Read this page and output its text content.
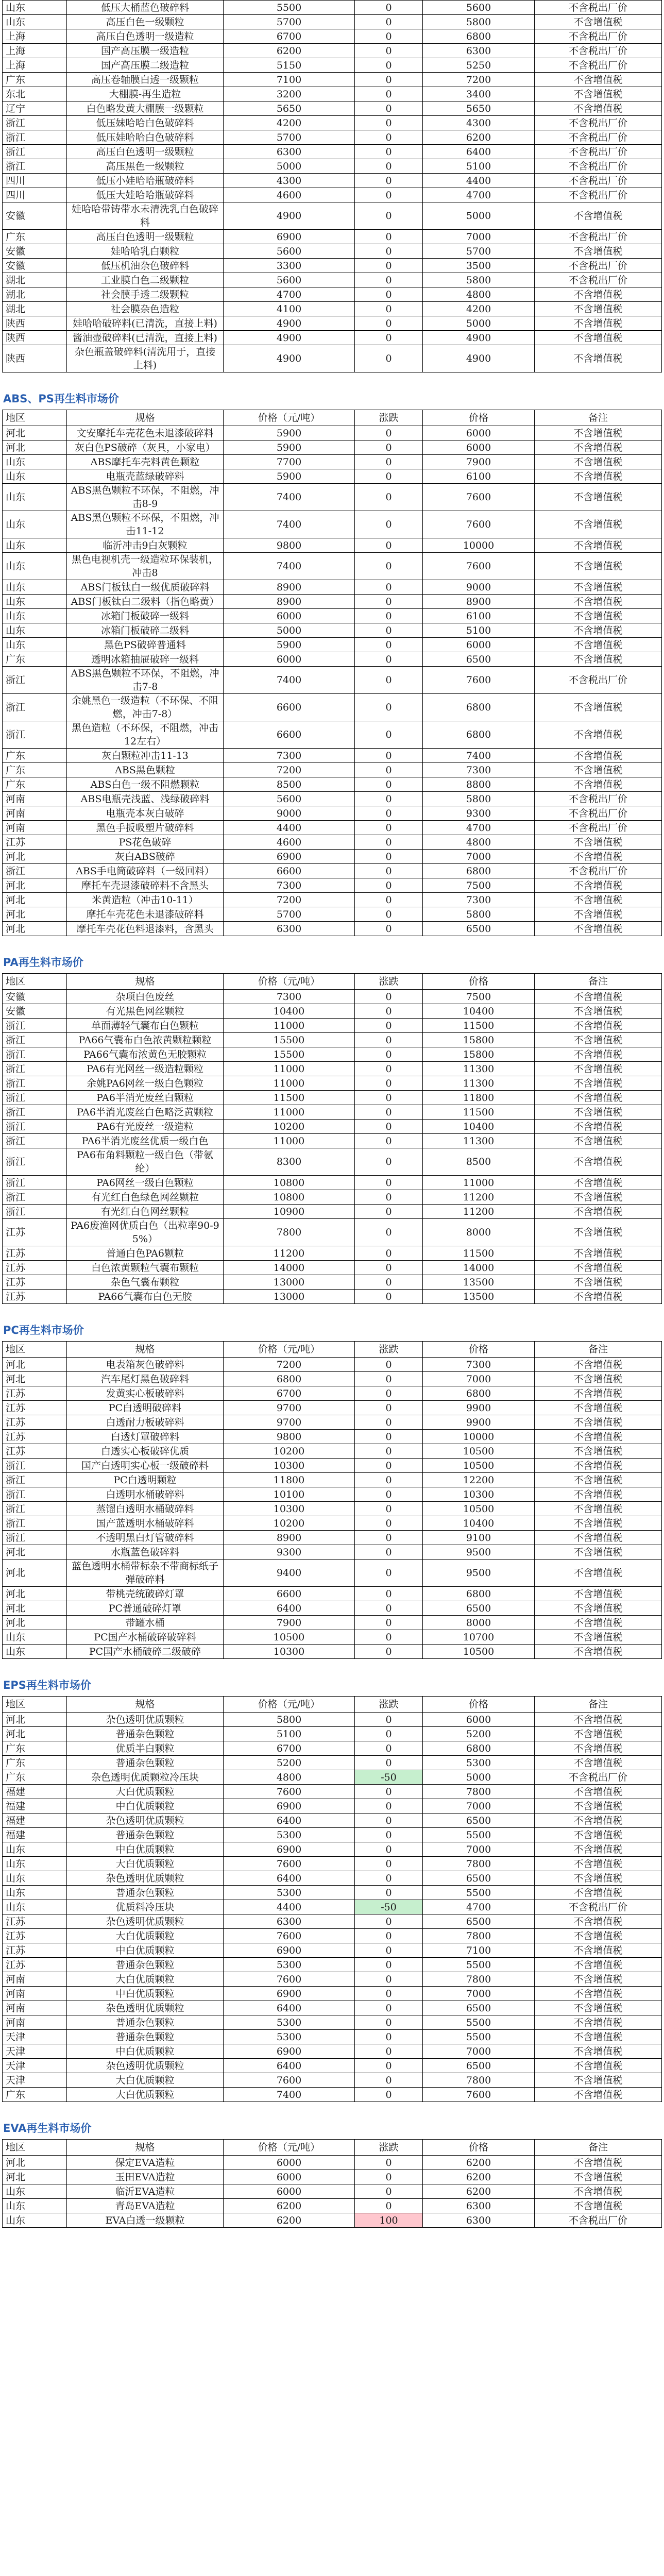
山东	低压大桶蓝色破碎料	5500	0	5600	不含税出厂价
山东	高压白色一级颗粒	5700	0	5800	不含增值税
上海	高压白色透明一级造粒	6700	0	6800	不含税出厂价
上海	国产高压膜一级造粒	6200	0	6300	不含税出厂价
上海	国产高压膜二级造粒	5150	0	5250	不含税出厂价
广东	高压卷轴膜白透一级颗粒	7100	0	7200	不含增值税
东北	大棚膜-再生造粒	3200	0	3400	不含增值税
辽宁	白色略发黄大棚膜一级颗粒	5650	0	5650	不含增值税
浙江	低压妹哈哈白色破碎料	4200	0	4300	不含税出厂价
浙江	低压娃哈哈白色破碎料	5700	0	6200	不含税出厂价
浙江	高压白色透明一级颗粒	6300	0	6400	不含税出厂价
浙江	高压黑色一级颗粒	5000	0	5100	不含税出厂价
四川	低压小娃哈哈瓶破碎料	4300	0	4400	不含税出厂价
四川	低压大娃哈哈瓶破碎料	4600	0	4700	不含税出厂价
安徽	娃哈哈带铸带水未清洗乳白色破碎料	4900	0	5000	不含增值税
广东	高压白色透明一级颗粒	6900	0	7000	不含税出厂价
安徽	娃哈哈乳白颗粒	5600	0	5700	不含增值税
安徽	低压机油杂色破碎料	3300	0	3500	不含税出厂价
湖北	工业膜白色二级颗粒	5600	0	5800	不含税出厂价
湖北	社会膜手透二级颗粒	4700	0	4800	不含增值税
湖北	社会膜杂色造粒	4100	0	4200	不含增值税
陕西	娃哈哈破碎料(已清洗，直接上料)	4900	0	5000	不含增值税
陕西	酱油壶破碎料(已清洗，直接上料)	4900	0	4900	不含增值税
陕西	杂色瓶盖破碎料(清洗用于，直接上料)	4900	0	4900	不含增值税
ABS、PS再生料市场价
地区	规格	价格（元/吨）	涨跌	价格	备注
河北	文安摩托车壳花色未退漆破碎料	5900	0	6000	不含增值税
河北	灰白色PS破碎（灰具，小家电）	5900	0	6000	不含增值税
山东	ABS摩托车壳料黄色颗粒	7700	0	7900	不含增值税
山东	电瓶壳蓝绿破碎料	5900	0	6100	不含增值税
山东	ABS黑色颗粒不环保，不阻燃，冲击8-9	7400	0	7600	不含增值税
山东	ABS黑色颗粒不环保，不阻燃，冲击11-12	7400	0	7600	不含增值税
山东	临沂冲击9白灰颗粒	9800	0	10000	不含增值税
山东	黑色电视机壳一级造粒环保装机，冲击8	7400	0	7600	不含增值税
山东	ABS门板钛白一级优质破碎料	8900	0	9000	不含增值税
山东	ABS门板钛白二级料（指色略黄）	8900	0	8900	不含增值税
山东	冰箱门板破碎一级料	6000	0	6100	不含增值税
山东	冰箱门板破碎二级料	5000	0	5100	不含增值税
山东	黑色PS破碎普通料	5900	0	6000	不含增值税
广东	透明冰箱抽屉破碎一级料	6000	0	6500	不含增值税
浙江	ABS黑色颗粒不环保，不阻燃，冲击7-8	7400	0	7600	不含税出厂价
浙江	余姚黑色一级造粒（不环保、不阻燃，冲击7-8）	6600	0	6800	不含增值税
浙江	黑色造粒（不环保，不阻燃，冲击12左右）	6600	0	6800	不含增值税
广东	灰白颗粒冲击11-13	7300	0	7400	不含增值税
广东	ABS黑色颗粒	7200	0	7300	不含增值税
广东	ABS白色一级不阻燃颗粒	8500	0	8800	不含增值税
河南	ABS电瓶壳浅蓝、浅绿破碎料	5600	0	5800	不含税出厂价
河南	电瓶壳本灰白破碎	9000	0	9300	不含税出厂价
河南	黑色手扳吸塑片破碎料	4400	0	4700	不含税出厂价
江苏	PS花色破碎	4600	0	4800	不含增值税
河北	灰白ABS破碎	6900	0	7000	不含增值税
浙江	ABS手电筒破碎料（一级回料）	6600	0	6800	不含税出厂价
河北	摩托车壳退漆破碎料不含黑头	7300	0	7500	不含增值税
河北	米黄造粒（冲击10-11）	7200	0	7300	不含增值税
河北	摩托车壳花色未退漆破碎料	5700	0	5800	不含增值税
河北	摩托车壳花色料退漆料，含黑头	6300	0	6500	不含增值税
PA再生料市场价
地区	规格	价格（元/吨）	涨跌	价格	备注
安徽	杂项白色废丝	7300	0	7500	不含增值税
安徽	有光黑色网丝颗粒	10400	0	10400	不含增值税
浙江	单面薄轻气囊布白色颗粒	11000	0	11500	不含增值税
浙江	PA66气囊布白色浓黄颗粒颗粒	15500	0	15800	不含增值税
浙江	PA66气囊布浓黄色无胶颗粒	15500	0	15800	不含增值税
浙江	PA6有光网丝一级造粒颗粒	11000	0	11300	不含增值税
浙江	余姚PA6网丝一级白色颗粒	11000	0	11300	不含增值税
浙江	PA6半消光废丝白颗粒	11500	0	11800	不含增值税
浙江	PA6半消光废丝白色略泛黄颗粒	11000	0	11500	不含增值税
浙江	PA6有光废丝一级造粒	10200	0	10400	不含增值税
浙江	PA6半消光废丝优质一级白色	11000	0	11300	不含增值税
浙江	PA6布角料颗粒一级白色（带氨纶）	8300	0	8500	不含增值税
浙江	PA6网丝一级白色颗粒	10800	0	11000	不含增值税
浙江	有光红白色绿色网丝颗粒	10800	0	11200	不含增值税
浙江	有光红白色网丝颗粒	10900	0	11200	不含增值税
江苏	PA6废渔网优质白色（出粒率90-95%）	7800	0	8000	不含增值税
江苏	普通白色PA6颗粒	11200	0	11500	不含增值税
江苏	白色浓黄颗粒气囊布颗粒	14000	0	14000	不含增值税
江苏	杂色气囊布颗粒	13000	0	13500	不含增值税
江苏	PA66气囊布白色无胶	13000	0	13500	不含增值税
PC再生料市场价
地区	规格	价格（元/吨）	涨跌	价格	备注
河北	电表箱灰色破碎料	7200	0	7300	不含增值税
河北	汽车尾灯黑色破碎料	6800	0	7000	不含增值税
江苏	发黄实心板破碎料	6700	0	6800	不含增值税
江苏	PC白透明破碎料	9700	0	9900	不含增值税
江苏	白透耐力板破碎料	9700	0	9900	不含增值税
江苏	白透灯罩破碎料	9800	0	10000	不含增值税
江苏	白透实心板破碎优质	10200	0	10500	不含增值税
浙江	国产白透明实心板一级破碎料	10300	0	10500	不含增值税
浙江	PC白透明颗粒	11800	0	12200	不含增值税
浙江	白透明水桶破碎料	10100	0	10300	不含增值税
浙江	蒸馏白透明水桶破碎料	10300	0	10500	不含增值税
浙江	国产蓝透明水桶破碎料	10200	0	10400	不含增值税
浙江	不透明黑白灯管破碎料	8900	0	9100	不含增值税
河北	水瓶蓝色破碎料	9300	0	9500	不含增值税
河北	蓝色透明水桶带标杂不带商标纸子弹破碎料	9400	0	9500	不含增值税
河北	带桃壳统破碎灯罩	6600	0	6800	不含增值税
河北	PC普通破碎灯罩	6400	0	6500	不含增值税
河北	带罐水桶	7900	0	8000	不含增值税
山东	PC国产水桶破碎破碎料	10500	0	10700	不含增值税
山东	PC国产水桶破碎二级破碎	10300	0	10500	不含增值税
EPS再生料市场价
地区	规格	价格（元/吨）	涨跌	价格	备注
河北	杂色透明优质颗粒	5800	0	6000	不含增值税
河北	普通杂色颗粒	5100	0	5200	不含增值税
广东	优质半白颗粒	6700	0	6800	不含增值税
广东	普通杂色颗粒	5200	0	5300	不含增值税
广东	杂色透明优质颗粒冷压块	4800	-50	5000	不含税出厂价
福建	大白优质颗粒	7600	0	7800	不含增值税
福建	中白优质颗粒	6900	0	7000	不含增值税
福建	杂色透明优质颗粒	6400	0	6500	不含增值税
福建	普通杂色颗粒	5300	0	5500	不含增值税
山东	中白优质颗粒	6900	0	7000	不含增值税
山东	大白优质颗粒	7600	0	7800	不含增值税
山东	杂色透明优质颗粒	6400	0	6500	不含增值税
山东	普通杂色颗粒	5300	0	5500	不含增值税
山东	优质料冷压块	4400	-50	4700	不含税出厂价
江苏	杂色透明优质颗粒	6300	0	6500	不含增值税
江苏	大白优质颗粒	7600	0	7800	不含增值税
江苏	中白优质颗粒	6900	0	7100	不含增值税
江苏	普通杂色颗粒	5300	0	5500	不含增值税
河南	大白优质颗粒	7600	0	7800	不含增值税
河南	中白优质颗粒	6900	0	7000	不含增值税
河南	杂色透明优质颗粒	6400	0	6500	不含增值税
河南	普通杂色颗粒	5300	0	5500	不含增值税
天津	普通杂色颗粒	5300	0	5500	不含增值税
天津	中白优质颗粒	6900	0	7000	不含增值税
天津	杂色透明优质颗粒	6400	0	6500	不含增值税
天津	大白优质颗粒	7600	0	7800	不含增值税
广东	大白优质颗粒	7400	0	7600	不含增值税
EVA再生料市场价
地区	规格	价格（元/吨）	涨跌	价格	备注
河北	保定EVA造粒	6000	0	6200	不含增值税
河北	玉田EVA造粒	6000	0	6200	不含增值税
山东	临沂EVA造粒	6000	0	6200	不含增值税
山东	青岛EVA造粒	6200	0	6300	不含增值税
山东	EVA白透一级颗粒	6200	100	6300	不含税出厂价
